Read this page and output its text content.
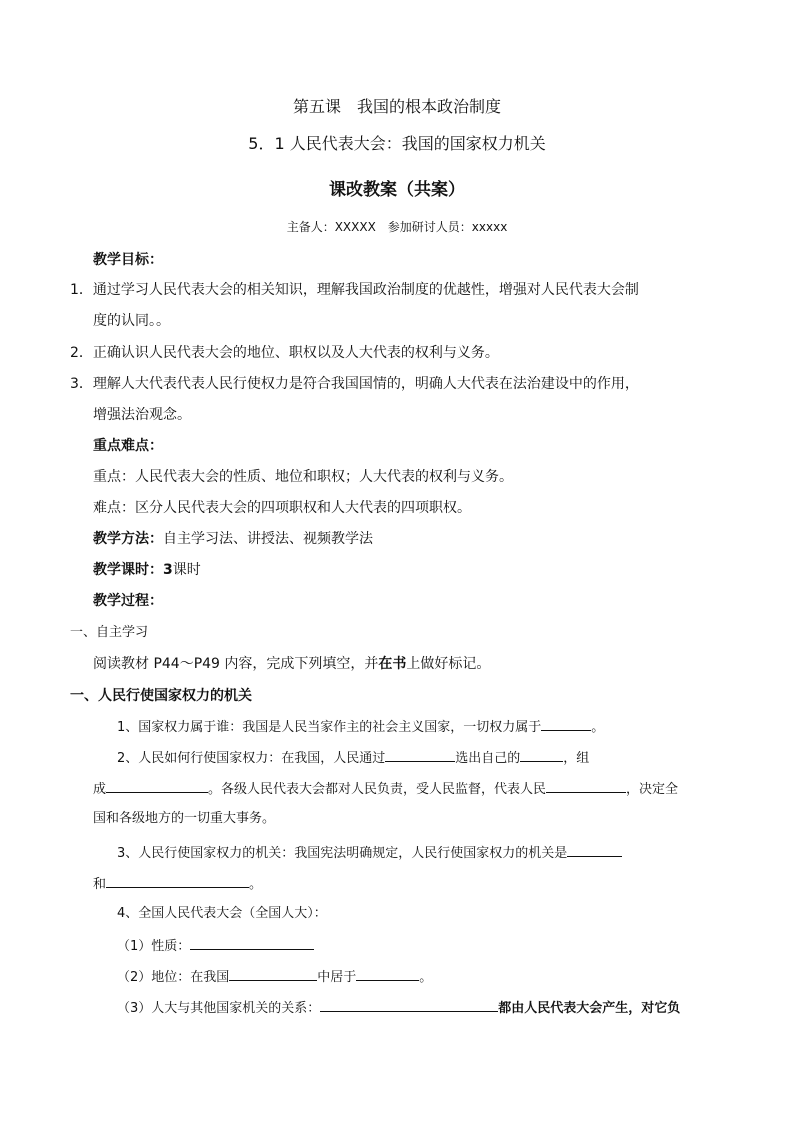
第五课　我国的根本政治制度
5．1 人民代表大会：我国的国家权力机关
课改教案（共案）
主备人：XXXXX　参加研讨人员：xxxxx
教学目标：
1．通过学习人民代表大会的相关知识，理解我国政治制度的优越性，增强对人民代表大会制
度的认同。。
2．正确认识人民代表大会的地位、职权以及人大代表的权利与义务。
3．理解人大代表代表人民行使权力是符合我国国情的，明确人大代表在法治建设中的作用，
增强法治观念。
重点难点：
重点：人民代表大会的性质、地位和职权；人大代表的权利与义务。
难点：区分人民代表大会的四项职权和人大代表的四项职权。
教学方法：自主学习法、讲授法、视频教学法
教学课时：3课时
教学过程：
一、自主学习
阅读教材 P44～P49 内容，完成下列填空，并在书上做好标记。
一、人民行使国家权力的机关
1、国家权力属于谁：我国是人民当家作主的社会主义国家，一切权力属于	。
2、人民如何行使国家权力：在我国，人民通过	选出自己的	，组
成	。各级人民代表大会都对人民负责，受人民监督，代表人民	，决定全
国和各级地方的一切重大事务。
3、人民行使国家权力的机关：我国宪法明确规定，人民行使国家权力的机关是
和	。
4、全国人民代表大会（全国人大）：
（1）性质：
（2）地位：在我国	中居于	。
（3）人大与其他国家机关的关系：	都由人民代表大会产生，对它负
